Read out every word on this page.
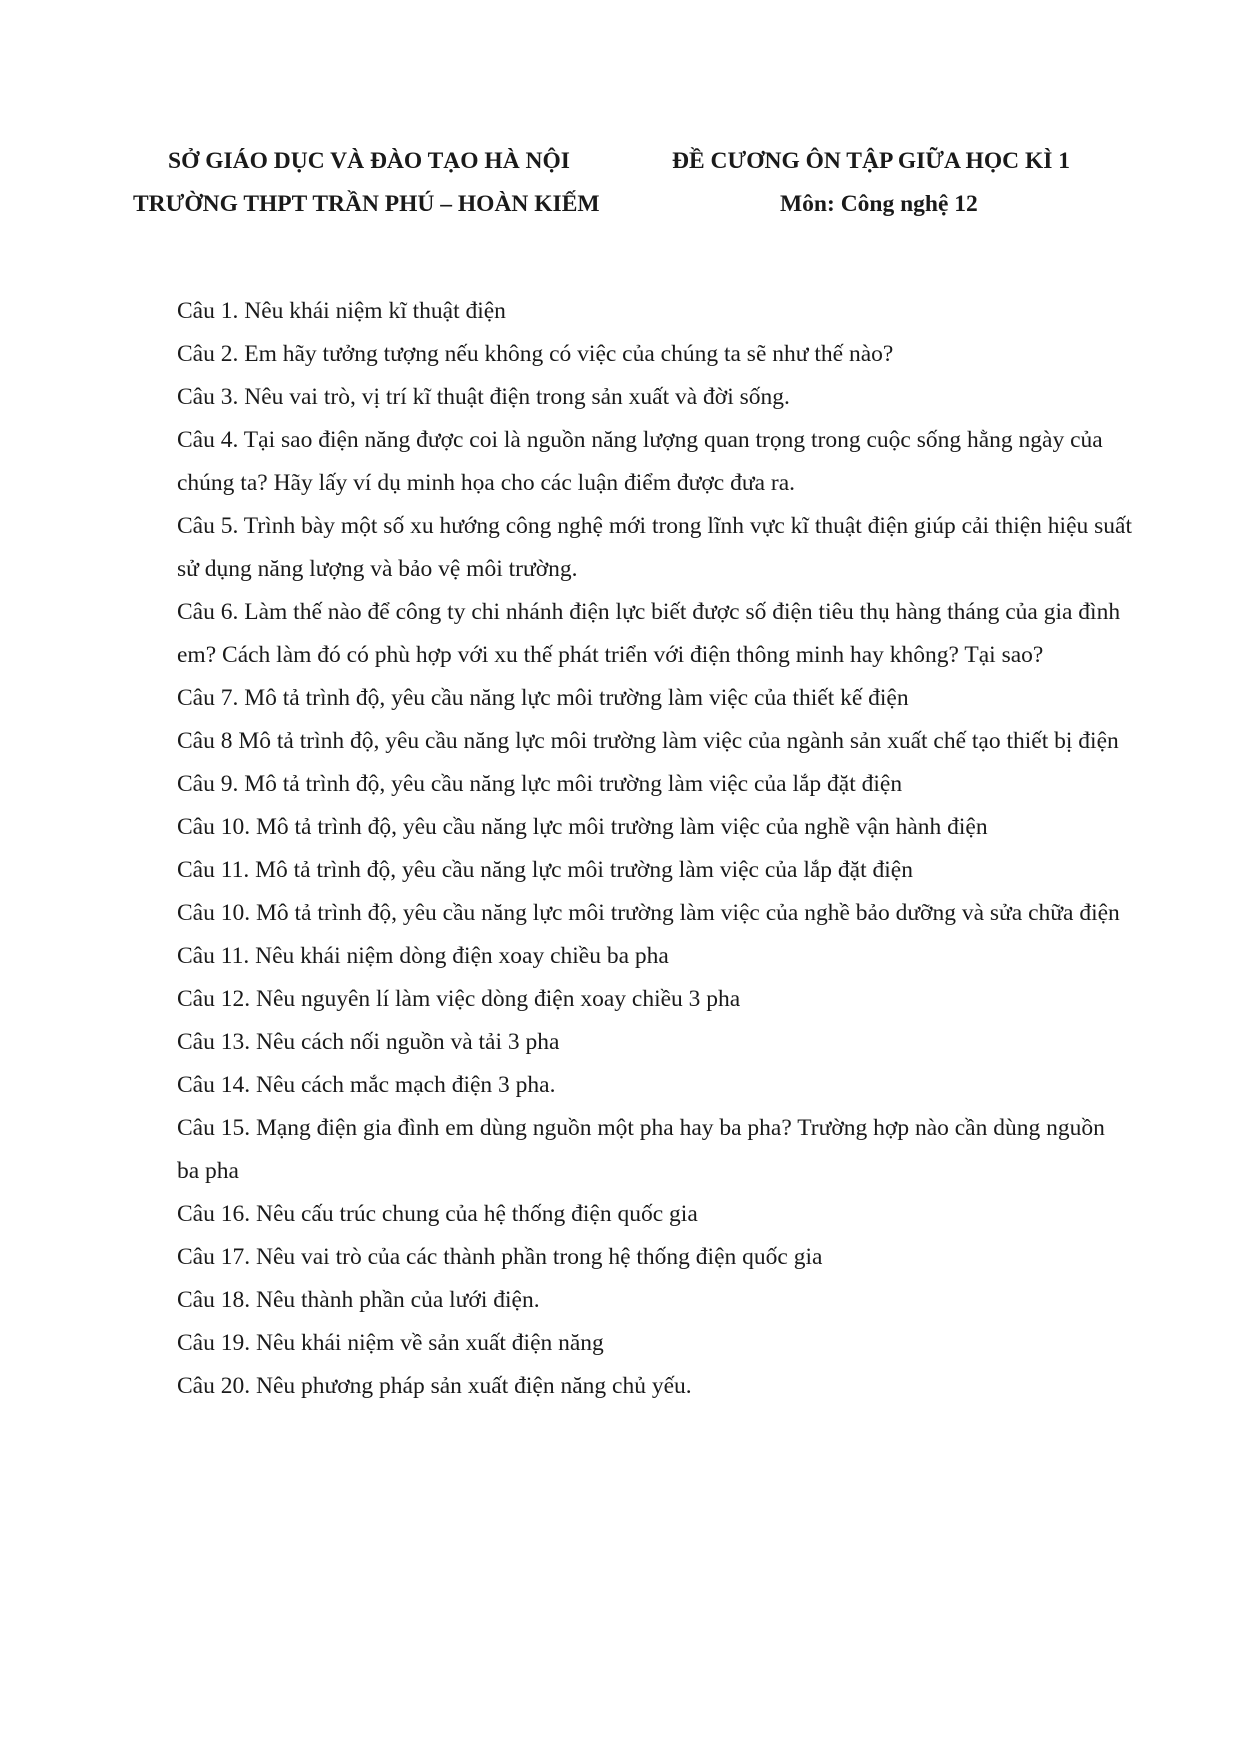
SỞ GIÁO DỤC VÀ ĐÀO TẠO HÀ NỘI
TRƯỜNG THPT TRẦN PHÚ – HOÀN KIẾM
ĐỀ CƯƠNG ÔN TẬP GIỮA HỌC KÌ 1
Môn: Công nghệ 12

Câu 1. Nêu khái niệm kĩ thuật điện

Câu 2. Em hãy tưởng tượng nếu không có việc của chúng ta sẽ như thế nào?

Câu 3. Nêu vai trò, vị trí kĩ thuật điện trong sản xuất và đời sống.

Câu 4. Tại sao điện năng được coi là nguồn năng lượng quan trọng trong cuộc sống hằng ngày của chúng ta? Hãy lấy ví dụ minh họa cho các luận điểm được đưa ra.

Câu 5. Trình bày một số xu hướng công nghệ mới trong lĩnh vực kĩ thuật điện giúp cải thiện hiệu suất sử dụng năng lượng và bảo vệ môi trường.

Câu 6. Làm thế nào để công ty chi nhánh điện lực biết được số điện tiêu thụ hàng tháng của gia đình em? Cách làm đó có phù hợp với xu thế phát triển với điện thông minh hay không? Tại sao?

Câu 7. Mô tả trình độ, yêu cầu năng lực môi trường làm việc của thiết kế điện

Câu 8 Mô tả trình độ, yêu cầu năng lực môi trường làm việc của ngành sản xuất chế tạo thiết bị điện

Câu 9. Mô tả trình độ, yêu cầu năng lực môi trường làm việc của lắp đặt điện

Câu 10. Mô tả trình độ, yêu cầu năng lực môi trường làm việc của nghề vận hành điện

Câu 11. Mô tả trình độ, yêu cầu năng lực môi trường làm việc của lắp đặt điện

Câu 10. Mô tả trình độ, yêu cầu năng lực môi trường làm việc của nghề bảo dưỡng và sửa chữa điện

Câu 11. Nêu khái niệm dòng điện xoay chiều ba pha

Câu 12. Nêu nguyên lí làm việc dòng điện xoay chiều 3 pha

Câu 13. Nêu cách nối nguồn và tải 3 pha

Câu 14. Nêu cách mắc mạch điện 3 pha.

Câu 15. Mạng điện gia đình em dùng nguồn một pha hay ba pha? Trường hợp nào cần dùng nguồn ba pha

Câu 16. Nêu cấu trúc chung của hệ thống điện quốc gia

Câu 17. Nêu vai trò của các thành phần trong hệ thống điện quốc gia

Câu 18. Nêu thành phần của lưới điện.

Câu 19. Nêu khái niệm về sản xuất điện năng

Câu 20. Nêu phương pháp sản xuất điện năng chủ yếu.
